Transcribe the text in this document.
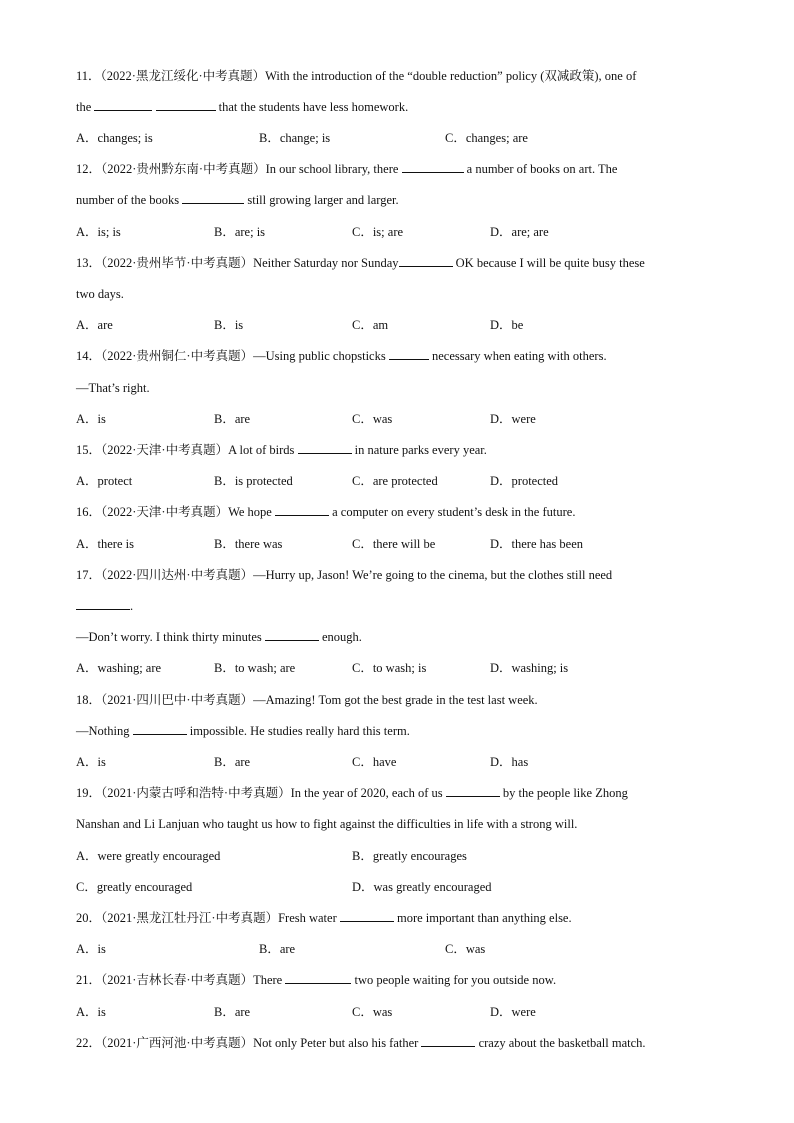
11．（2022·黑龙江绥化·中考真题）With the introduction of the “double reduction” policy (双减政策), one of
the	that the students have less homework.
A．changes; is	B．change; is	C．changes; are
12．（2022·贵州黔东南·中考真题）In our school library, there	a number of books on art. The
number of the books	still growing larger and larger.
A．is; is	B．are; is	C．is; are	D．are; are
13．（2022·贵州毕节·中考真题）Neither Saturday nor Sunday	OK because I will be quite busy these
two days.
A．are	B．is	C．am	D．be
14．（2022·贵州铜仁·中考真题）—Using public chopsticks	necessary when eating with others.
—That’s right.
A．is	B．are	C．was	D．were
15．（2022·天津·中考真题）A lot of birds	in nature parks every year.
A．protect	B．is protected	C．are protected	D．protected
16．（2022·天津·中考真题）We hope	a computer on every student’s desk in the future.
A．there is	B．there was	C．there will be	D．there has been
17．（2022·四川达州·中考真题）—Hurry up, Jason! We’re going to the cinema, but the clothes still need
.
—Don’t worry. I think thirty minutes	enough.
A．washing; are	B．to wash; are	C．to wash; is	D．washing; is
18．（2021·四川巴中·中考真题）—Amazing! Tom got the best grade in the test last week.
—Nothing	impossible. He studies really hard this term.
A．is	B．are	C．have	D．has
19．（2021·内蒙古呼和浩特·中考真题）In the year of 2020, each of us	by the people like Zhong
Nanshan and Li Lanjuan who taught us how to fight against the difficulties in life with a strong will.
A．were greatly encouraged	B．greatly encourages
C．greatly encouraged	D．was greatly encouraged
20．（2021·黑龙江牡丹江·中考真题）Fresh water	more important than anything else.
A．is	B．are	C．was
21．（2021·吉林长春·中考真题）There	two people waiting for you outside now.
A．is	B．are	C．was	D．were
22．（2021·广西河池·中考真题）Not only Peter but also his father	crazy about the basketball match.
